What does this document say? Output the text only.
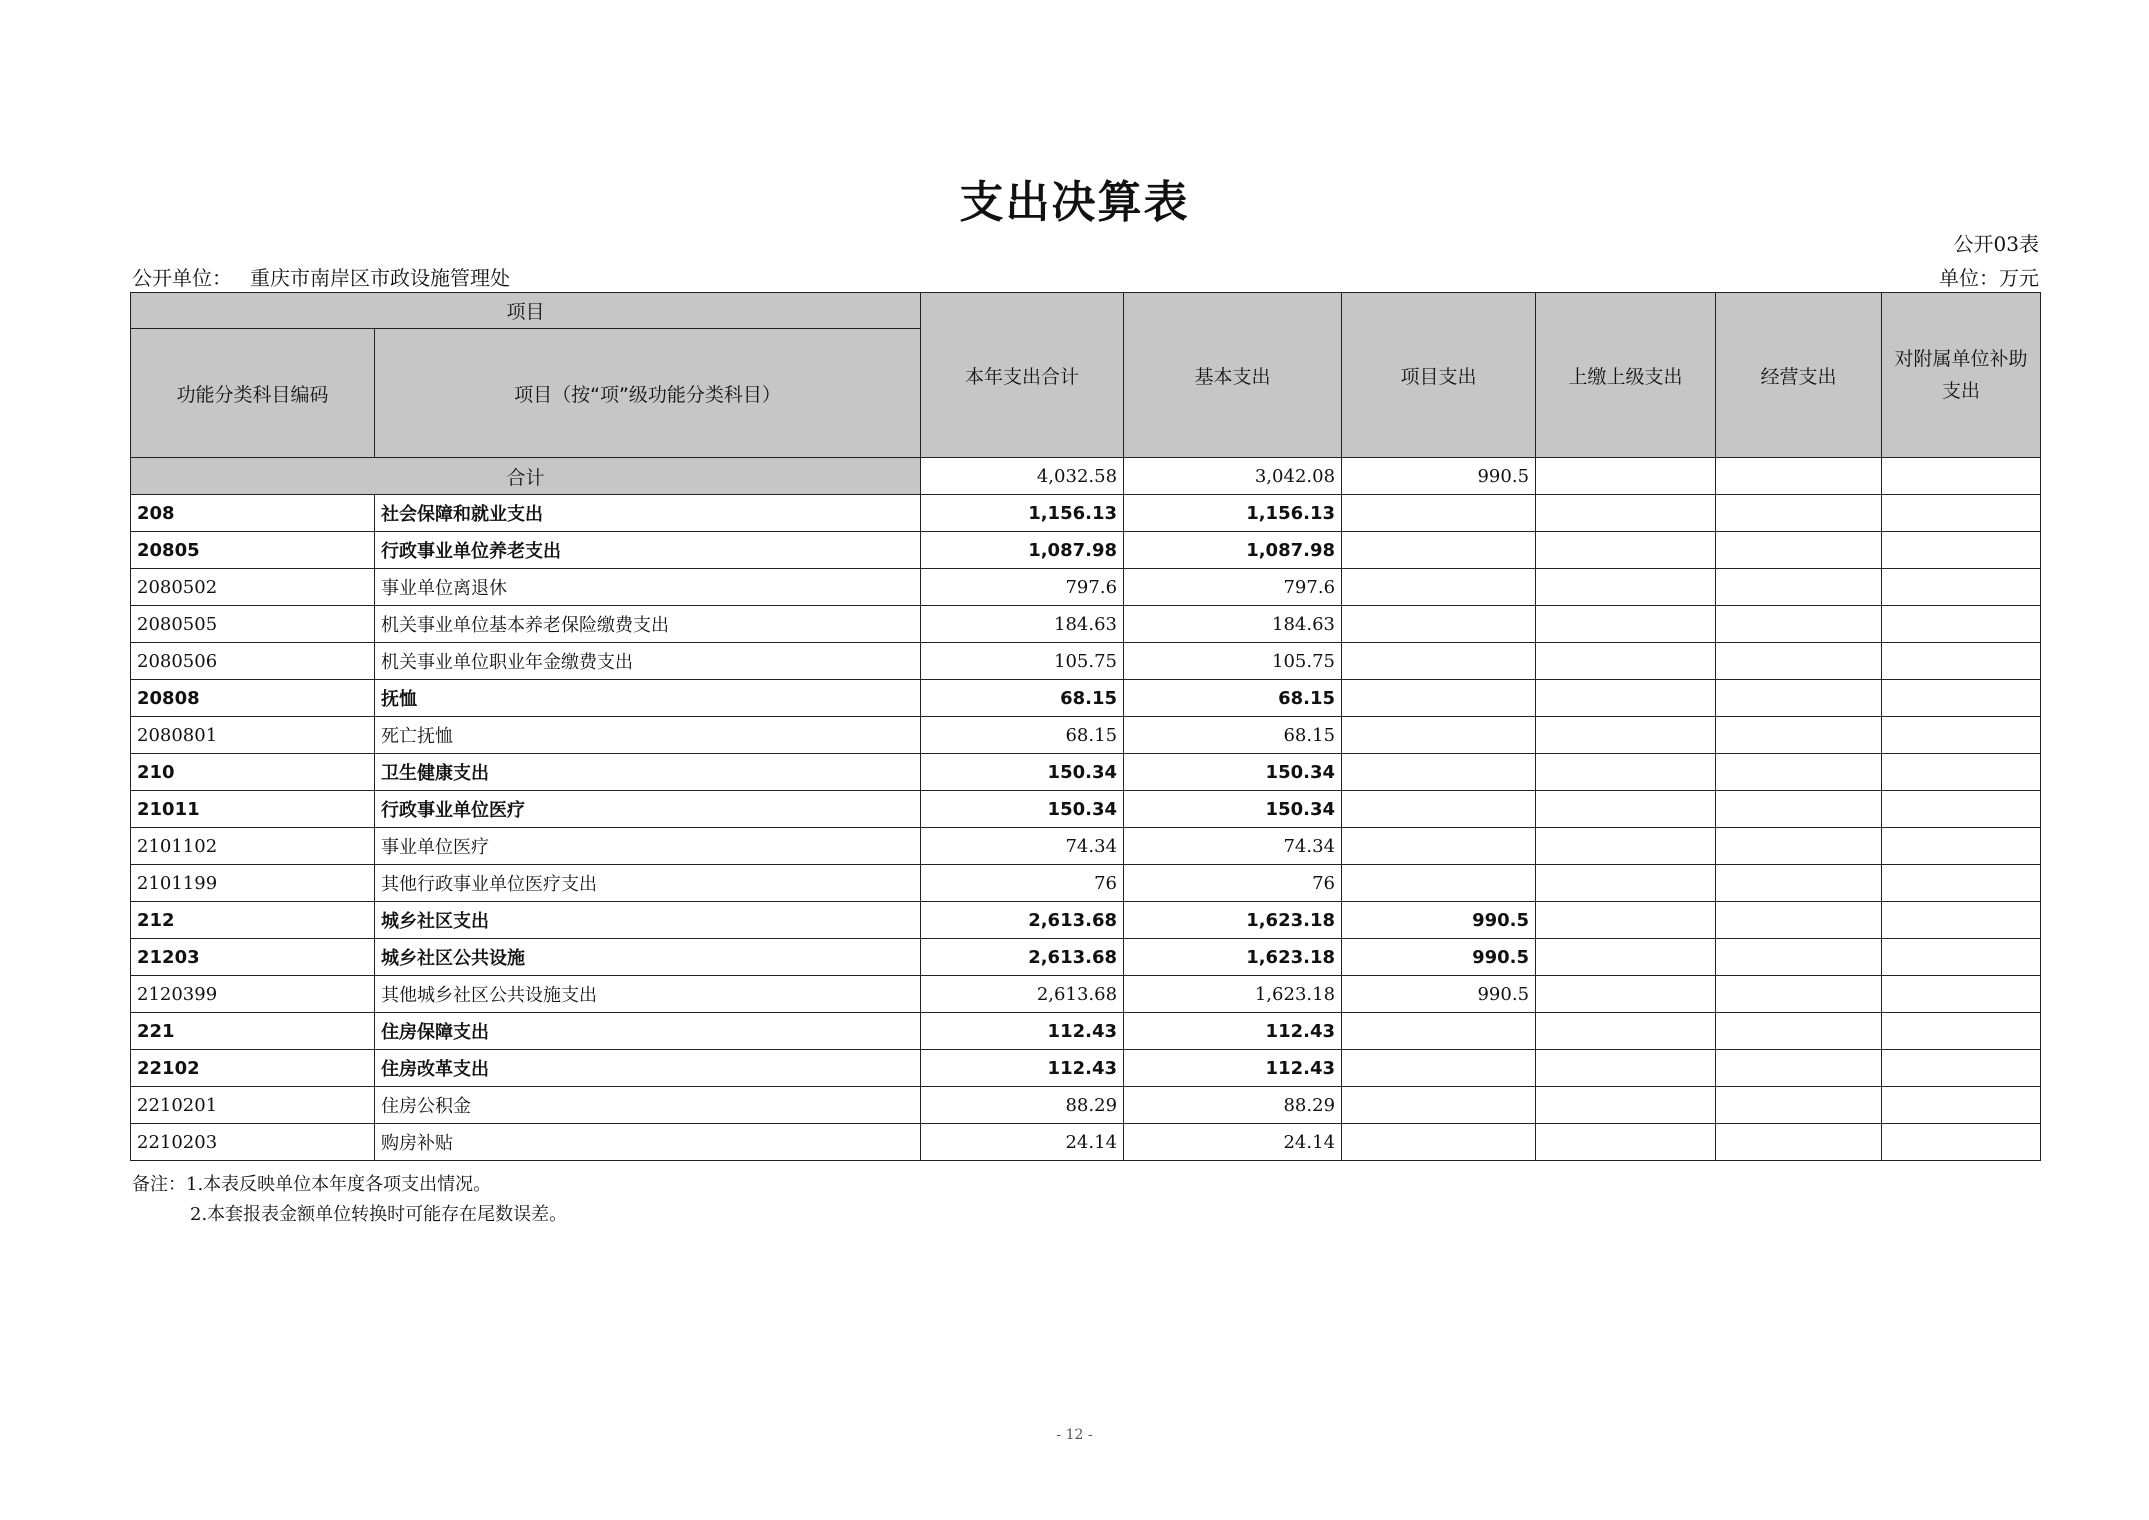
支出决算表
公开03表
公开单位： 重庆市南岸区市政设施管理处	单位：万元
项目		本年支出合计	基本支出	项目支出	上缴上级支出	经营支出	对附属单位补助支出
功能分类科目编码	项目（按“项”级功能分类科目）						
合计		4,032.58	3,042.08	990.5			
208	社会保障和就业支出	1,156.13	1,156.13				
20805	行政事业单位养老支出	1,087.98	1,087.98				
2080502	事业单位离退休	797.6	797.6				
2080505	机关事业单位基本养老保险缴费支出	184.63	184.63				
2080506	机关事业单位职业年金缴费支出	105.75	105.75				
20808	抚恤	68.15	68.15				
2080801	死亡抚恤	68.15	68.15				
210	卫生健康支出	150.34	150.34				
21011	行政事业单位医疗	150.34	150.34				
2101102	事业单位医疗	74.34	74.34				
2101199	其他行政事业单位医疗支出	76	76				
212	城乡社区支出	2,613.68	1,623.18	990.5			
21203	城乡社区公共设施	2,613.68	1,623.18	990.5			
2120399	其他城乡社区公共设施支出	2,613.68	1,623.18	990.5			
221	住房保障支出	112.43	112.43				
22102	住房改革支出	112.43	112.43				
2210201	住房公积金	88.29	88.29				
2210203	购房补贴	24.14	24.14				
备注：1.本表反映单位本年度各项支出情况。
2.本套报表金额单位转换时可能存在尾数误差。
- 12 -
